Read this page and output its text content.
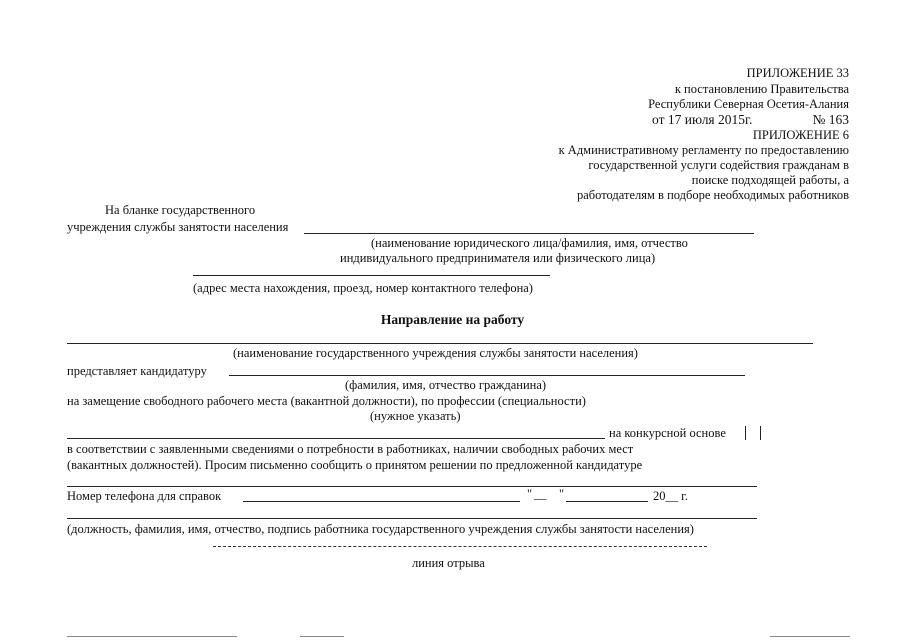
ПРИЛОЖЕНИЕ 33
к постановлению Правительства
Республики Северная Осетия-Алания
от 17 июля 2015г.	№ 163
ПРИЛОЖЕНИЕ 6
к Административному регламенту по предоставлению
государственной услуги содействия гражданам в
поиске подходящей работы, а
работодателям в подборе необходимых работников
На бланке государственного
учреждения службы занятости населения
(наименование юридического лица/фамилия, имя, отчество
индивидуального предпринимателя или физического лица)
(адрес места нахождения, проезд, номер контактного телефона)
Направление на работу
(наименование государственного учреждения службы занятости населения)
представляет кандидатуру
(фамилия, имя, отчество гражданина)
на замещение свободного рабочего места (вакантной должности), по профессии (специальности)
(нужное указать)
на конкурсной основе
в соответствии с заявленными сведениями о потребности в работниках, наличии свободных рабочих мест
(вакантных должностей). Просим письменно сообщить о принятом решении по предложенной кандидатуре
Номер телефона для справок	" __ "	20__ г.
(должность, фамилия, имя, отчество, подпись работника государственного учреждения службы занятости населения)
линия отрыва
